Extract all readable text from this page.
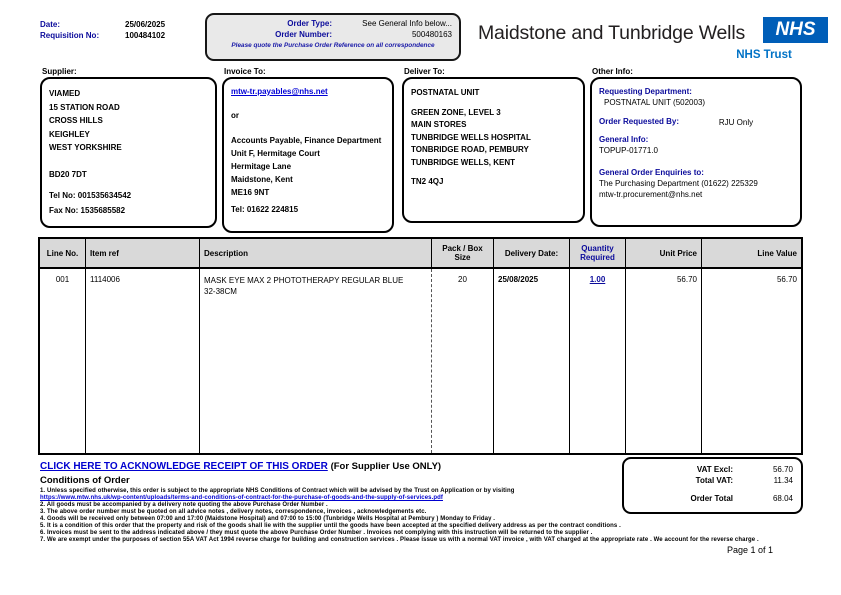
Date:	25/06/2025
Requisition No:	100484102
Order Type:	See General Info below...
Order Number:	500480163
Please quote the Purchase Order Reference on all correspondence
Maidstone and Tunbridge Wells	NHS
NHS Trust
Supplier:	Invoice To:	Deliver To:	Other Info:
VIAMED
15 STATION ROAD
CROSS HILLS
KEIGHLEY
WEST YORKSHIRE
BD20 7DT
Tel No: 001535634542
Fax No: 1535685582
mtw-tr.payables@nhs.net
or
Accounts Payable, Finance Department
Unit F, Hermitage Court
Hermitage Lane
Maidstone, Kent
ME16 9NT
Tel: 01622 224815
POSTNATAL UNIT
GREEN ZONE, LEVEL 3
MAIN STORES
TUNBRIDGE WELLS HOSPITAL
TONBRIDGE ROAD, PEMBURY
TUNBRIDGE WELLS, KENT
TN2 4QJ
Requesting Department:
POSTNATAL UNIT (502003)
Order Requested By:	RJU Only
General Info:
TOPUP-01771.0
General Order Enquiries to:
The Purchasing Department (01622) 225329
mtw-tr.procurement@nhs.net
Line No.	Item ref	Description	Pack / Box Size	Delivery Date:	Quantity Required	Unit Price	Line Value
001	1114006	MASK EYE MAX 2 PHOTOTHERAPY REGULAR BLUE
32-38CM
20	25/08/2025	1.00	56.70	56.70
VAT Excl:	56.70
Total VAT:	11.34
Order Total	68.04
CLICK HERE TO ACKNOWLEDGE RECEIPT OF THIS ORDER (For Supplier Use ONLY)
Conditions of Order
1. Unless specified otherwise, this order is subject to the appropriate NHS Conditions of Contract which will be advised by the Trust on Application or by visiting
https://www.mtw.nhs.uk/wp-content/uploads/terms-and-conditions-of-contract-for-the-purchase-of-goods-and-the-supply-of-services.pdf
2. All goods must be accompanied by a delivery note quoting the above Purchase Order Number .
3. The above order number must be quoted on all advice notes , delivery notes, correspondence, invoices , acknowledgements etc.
4. Goods will be received only between 07:00 and 17:00 (Maidstone Hospital) and 07:00 to 15:00 (Tunbridge Wells Hospital at Pembury ) Monday to Friday .
5. It is a condition of this order that the property and risk of the goods shall lie with the supplier until the goods have been accepted at the specified delivery address as per the contract conditions .
6. Invoices must be sent to the address indicated above / they must quote the above Purchase Order Number . Invoices not complying with this instruction will be returned to the supplier .
7. We are exempt under the purposes of section 55A VAT Act 1994 reverse charge for building and construction services . Please issue us with a normal VAT invoice , with VAT charged at the appropriate rate . We account for the reverse charge .
Page 1 of 1
